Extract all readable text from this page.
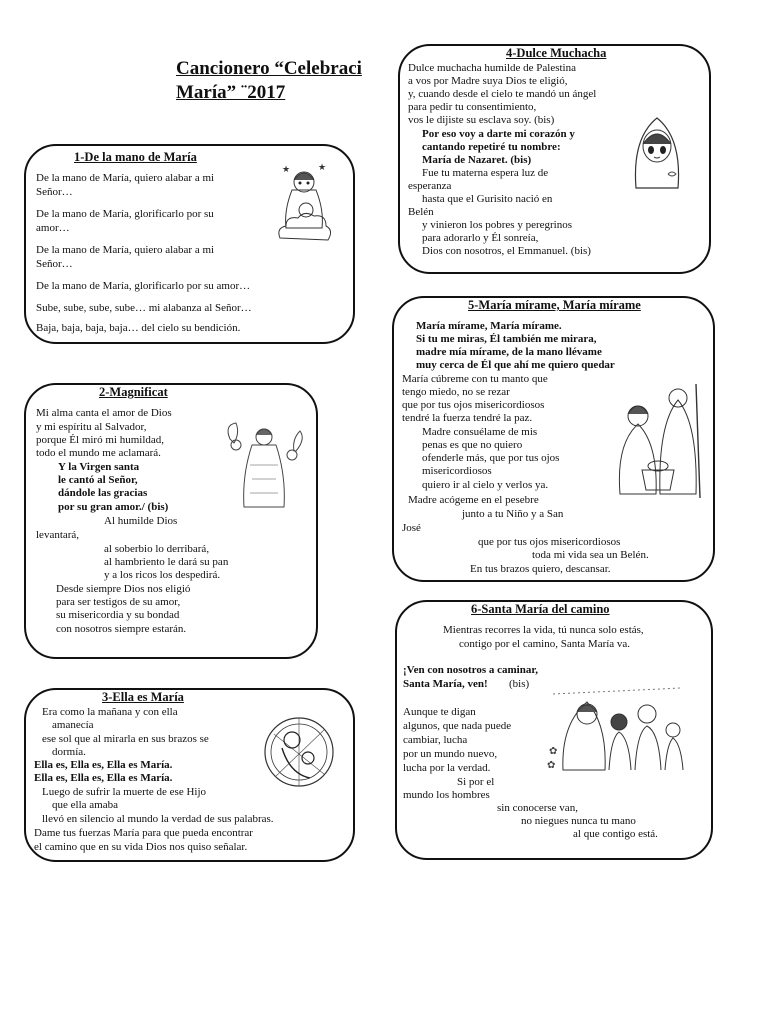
Cancionero “Celebraci
María” ¨2017
1-De la mano de María
De la mano de María, quiero alabar a mi
Señor…
De la mano de María, glorificarlo por su
amor…
De la mano de María, quiero alabar a mi
Señor…
De la mano de María, glorificarlo por su amor…
Sube, sube, sube, sube… mi alabanza al Señor…
Baja, baja, baja, baja… del cielo su bendición.
★	★
2-Magnificat
Mi alma canta el amor de Dios
y mi espíritu al Salvador,
porque Él miró mi humildad,
todo el mundo me aclamará.
Y la Virgen santa
le cantó al Señor,
dándole las gracias
por su gran amor./ (bis)
Al humilde Dios
levantará,
al soberbio lo derribará,
al hambriento le dará su pan
y a los ricos los despedirá.
Desde siempre Dios nos eligió
para ser testigos de su amor,
su misericordia y su bondad
con nosotros siempre estarán.
3-Ella es María
Era como la mañana y con ella
amanecía
ese sol que al mirarla en sus brazos se
dormía.
Ella es, Ella es, Ella es María.
Ella es, Ella es, Ella es María.
Luego de sufrir la muerte de ese Hijo
que ella amaba
llevó en silencio al mundo la verdad de sus palabras.
Dame tus fuerzas María para que pueda encontrar
el camino que en su vida Dios nos quiso señalar.
4-Dulce Muchacha
Dulce muchacha humilde de Palestina
a vos por Madre suya Dios te eligió,
y, cuando desde el cielo te mandó un ángel
para pedir tu consentimiento,
vos le dijiste su esclava soy. (bis)
Por eso voy a darte mi corazón y
cantando repetiré tu nombre:
María de Nazaret. (bis)
Fue tu materna espera luz de
esperanza
hasta que el Gurisito nació en
Belén
y vinieron los pobres y peregrinos
para adorarlo y Él sonreía,
Dios con nosotros, el Emmanuel. (bis)
5-María mírame, María mírame
María mírame, María mírame.
Si tu me miras, Él también me mirara,
madre mía mírame, de la mano llévame
muy cerca de Él que ahí me quiero quedar
María cúbreme con tu manto que
tengo miedo, no se rezar
que por tus ojos misericordiosos
tendré la fuerza tendré la paz.
Madre consuélame de mis
penas es que no quiero
ofenderle más, que por tus ojos
misericordiosos
quiero ir al cielo y verlos ya.
Madre acógeme en el pesebre
junto a tu Niño y a San
José
que por tus ojos misericordiosos
toda mi vida sea un Belén.
En tus brazos quiero, descansar.
6-Santa María del camino
Mientras recorres la vida, tú nunca solo estás,
contigo por el camino, Santa María va.
¡Ven con nosotros a caminar,
Santa María, ven! (bis)
Aunque te digan
algunos, que nada puede
cambiar, lucha
por un mundo nuevo,
lucha por la verdad.
Si por el
mundo los hombres
sin conocerse van,
no niegues nunca tu mano
al que contigo está.
✿
✿
